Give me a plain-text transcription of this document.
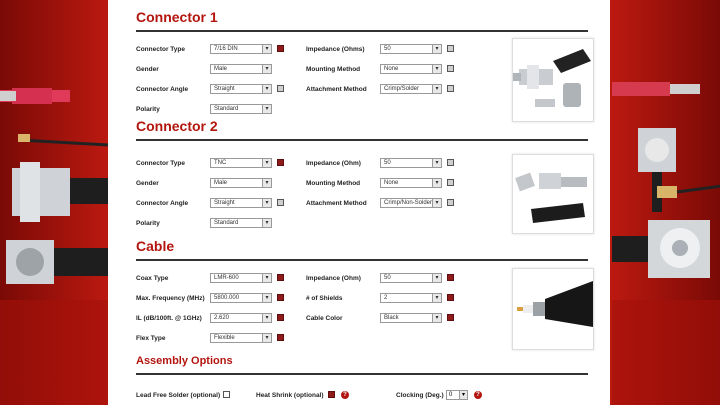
Connector 1
Connector Type	7/16 DIN	▾
Gender	Male	▾
Connector Angle	Straight	▾
Polarity	Standard	▾
Impedance (Ohms)	50	▾
Mounting Method	None	▾
Attachment Method	Crimp/Solder	▾
Connector 2
Connector Type	TNC	▾
Gender	Male	▾
Connector Angle	Straight	▾
Polarity	Standard	▾
Impedance (Ohm)	50	▾
Mounting Method	None	▾
Attachment Method	Crimp/Non-Solder ▾
Cable
Coax Type	LMR-600	▾
Max. Frequency (MHz)	5800.000	▾
IL (dB/100ft. @ 1GHz)	2.620	▾
Flex Type	Flexible	▾
Impedance (Ohm)	50	▾
# of Shields	2	▾
Cable Color	Black	▾
Assembly Options
Lead Free Solder (optional)	Heat Shrink (optional)	?	Clocking (Deg.) 0	▾	?
